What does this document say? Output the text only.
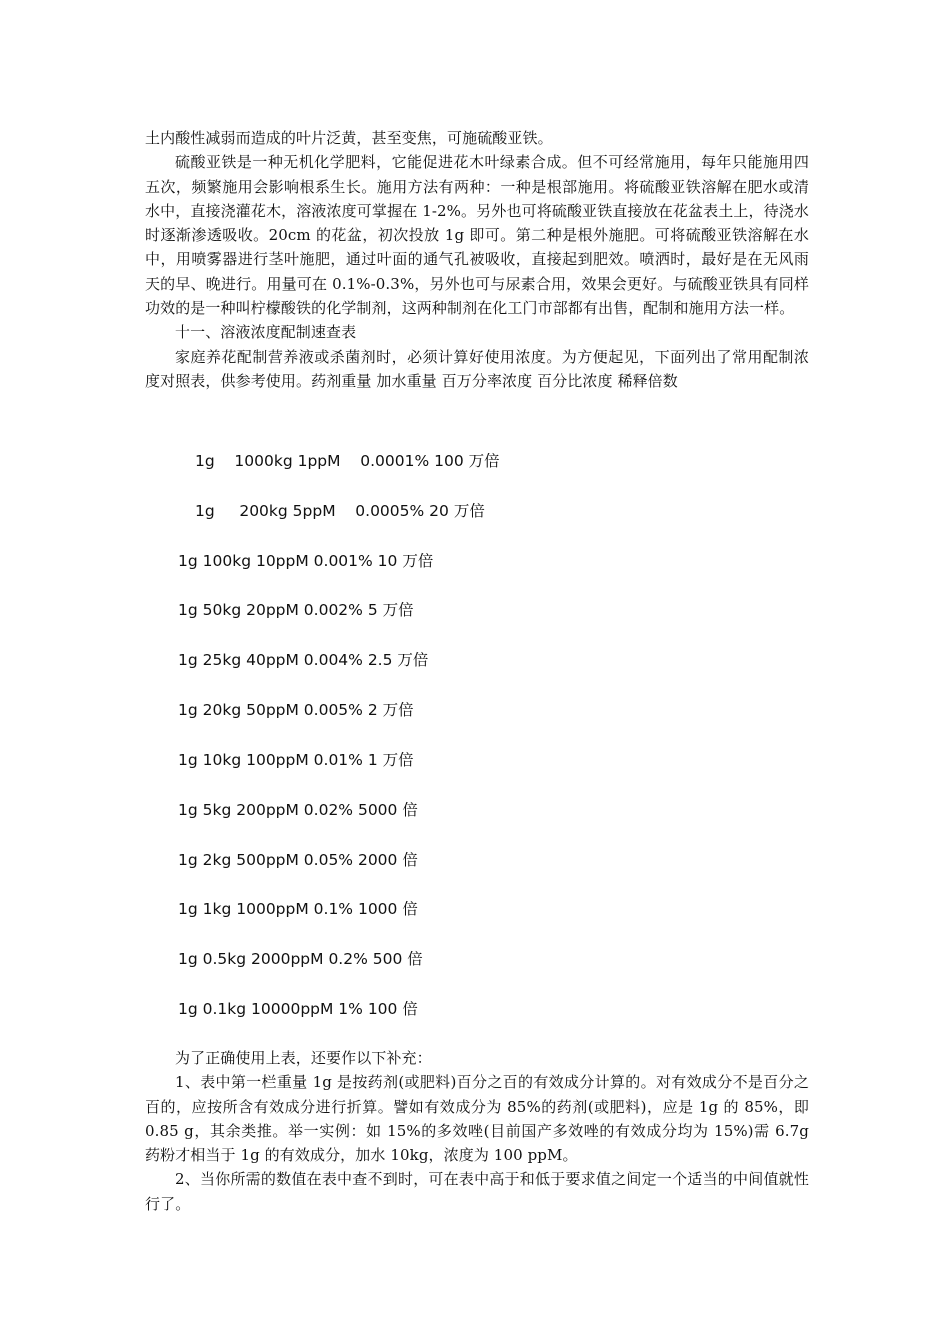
土内酸性减弱而造成的叶片泛黄，甚至变焦，可施硫酸亚铁。

硫酸亚铁是一种无机化学肥料，它能促进花木叶绿素合成。但不可经常施用，每年只能施用四五次，频繁施用会影响根系生长。施用方法有两种：一种是根部施用。将硫酸亚铁溶解在肥水或清水中，直接浇灌花木，溶液浓度可掌握在 1-2%。另外也可将硫酸亚铁直接放在花盆表土上，待浇水时逐渐渗透吸收。20cm 的花盆，初次投放 1g 即可。第二种是根外施肥。可将硫酸亚铁溶解在水中，用喷雾器进行茎叶施肥，通过叶面的通气孔被吸收，直接起到肥效。喷洒时，最好是在无风雨天的早、晚进行。用量可在 0.1%-0.3%，另外也可与尿素合用，效果会更好。与硫酸亚铁具有同样功效的是一种叫柠檬酸铁的化学制剂，这两种制剂在化工门市部都有出售，配制和施用方法一样。

十一、溶液浓度配制速查表

家庭养花配制营养液或杀菌剂时，必须计算好使用浓度。为方便起见，下面列出了常用配制浓度对照表，供参考使用。药剂重量 加水重量 百万分率浓度 百分比浓度 稀释倍数

1g    1000kg 1ppM    0.0001% 100 万倍
1g     200kg 5ppM    0.0005% 20 万倍
1g 100kg 10ppM 0.001% 10 万倍
1g 50kg 20ppM 0.002% 5 万倍
1g 25kg 40ppM 0.004% 2.5 万倍
1g 20kg 50ppM 0.005% 2 万倍
1g 10kg 100ppM 0.01% 1 万倍
1g 5kg 200ppM 0.02% 5000 倍
1g 2kg 500ppM 0.05% 2000 倍
1g 1kg 1000ppM 0.1% 1000 倍
1g 0.5kg 2000ppM 0.2% 500 倍
1g 0.1kg 10000ppM 1% 100 倍

为了正确使用上表，还要作以下补充：

1、表中第一栏重量 1g 是按药剂(或肥料)百分之百的有效成分计算的。对有效成分不是百分之百的，应按所含有效成分进行折算。譬如有效成分为 85%的药剂(或肥料)，应是 1g 的 85%，即 0.85 g，其余类推。举一实例：如 15%的多效唑(目前国产多效唑的有效成分均为 15%)需 6.7g 药粉才相当于 1g 的有效成分，加水 10kg，浓度为 100 ppM。

2、当你所需的数值在表中查不到时，可在表中高于和低于要求值之间定一个适当的中间值就性行了。
